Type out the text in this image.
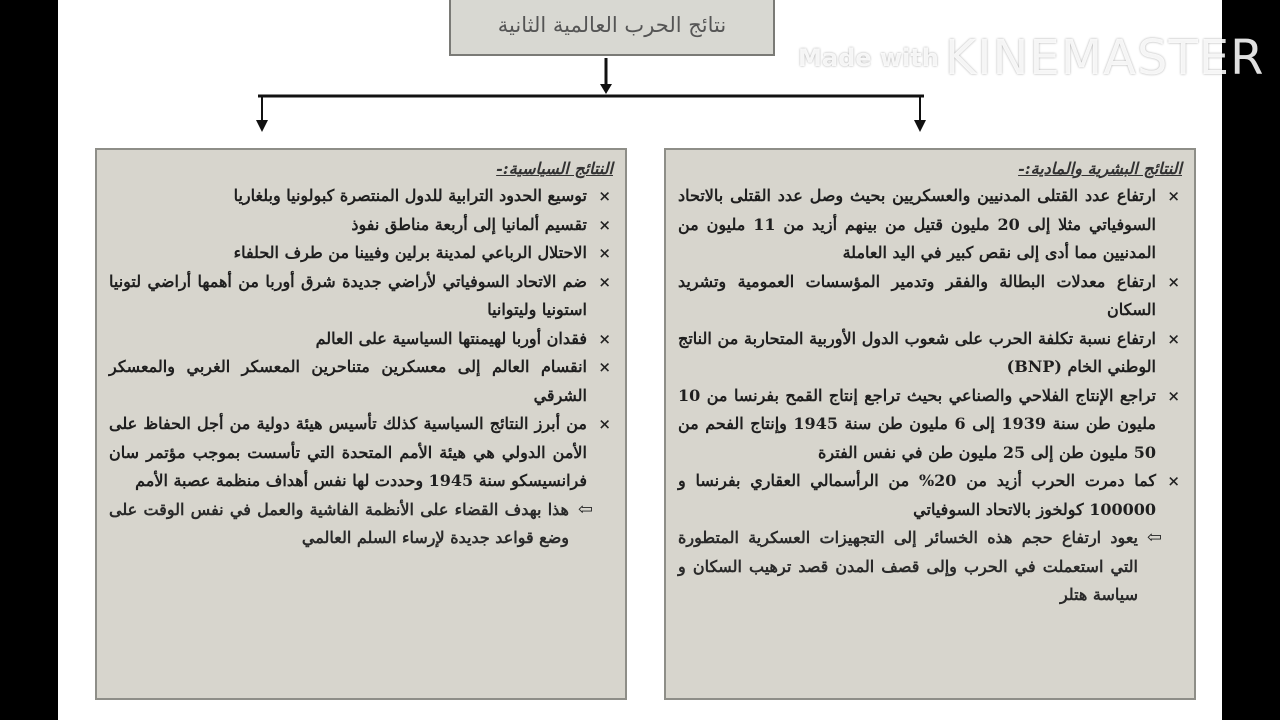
نتائج الحرب العالمية الثانية
النتائج البشرية والمادية:-
×
ارتفاع عدد القتلى المدنيين والعسكريين بحيث وصل عدد القتلى بالاتحاد السوفياتي مثلا إلى 20 مليون قتيل من بينهم أزيد من 11 مليون من المدنيين مما أدى إلى نقص كبير في اليد العاملة
×
ارتفاع معدلات البطالة والفقر وتدمير المؤسسات العمومية وتشريد السكان
×
ارتفاع نسبة تكلفة الحرب على شعوب الدول الأوربية المتحاربة من الناتج الوطني الخام (BNP)
×
تراجع الإنتاج الفلاحي والصناعي بحيث تراجع إنتاج القمح بفرنسا من 10 مليون طن سنة 1939 إلى 6 مليون طن سنة 1945 وإنتاج الفحم من 50 مليون طن إلى 25 مليون طن في نفس الفترة
×
كما دمرت الحرب أزيد من 20% من الرأسمالي العقاري بفرنسا و 100000 كولخوز بالاتحاد السوفياتي
⇦
يعود ارتفاع حجم هذه الخسائر إلى التجهيزات العسكرية المتطورة التي استعملت في الحرب وإلى قصف المدن قصد ترهيب السكان و سياسة هتلر
النتائج السياسية:-
×
توسيع الحدود الترابية للدول المنتصرة كبولونيا وبلغاريا
×
تقسيم ألمانيا إلى أربعة مناطق نفوذ
×
الاحتلال الرباعي لمدينة برلين وفيينا من طرف الحلفاء
×
ضم الاتحاد السوفياتي لأراضي جديدة شرق أوربا من أهمها أراضي لتونيا استونيا وليتوانيا
×
فقدان أوربا لهيمنتها السياسية على العالم
×
انقسام العالم إلى معسكرين متناحرين المعسكر الغربي والمعسكر الشرقي
×
من أبرز النتائج السياسية كذلك تأسيس هيئة دولية من أجل الحفاظ على الأمن الدولي هي هيئة الأمم المتحدة التي تأسست بموجب مؤتمر سان فرانسيسكو سنة 1945 وحددت لها نفس أهداف منظمة عصبة الأمم
⇦
هذا بهدف القضاء على الأنظمة الفاشية والعمل في نفس الوقت على وضع قواعد جديدة لإرساء السلم العالمي
Made with KINEMASTER
